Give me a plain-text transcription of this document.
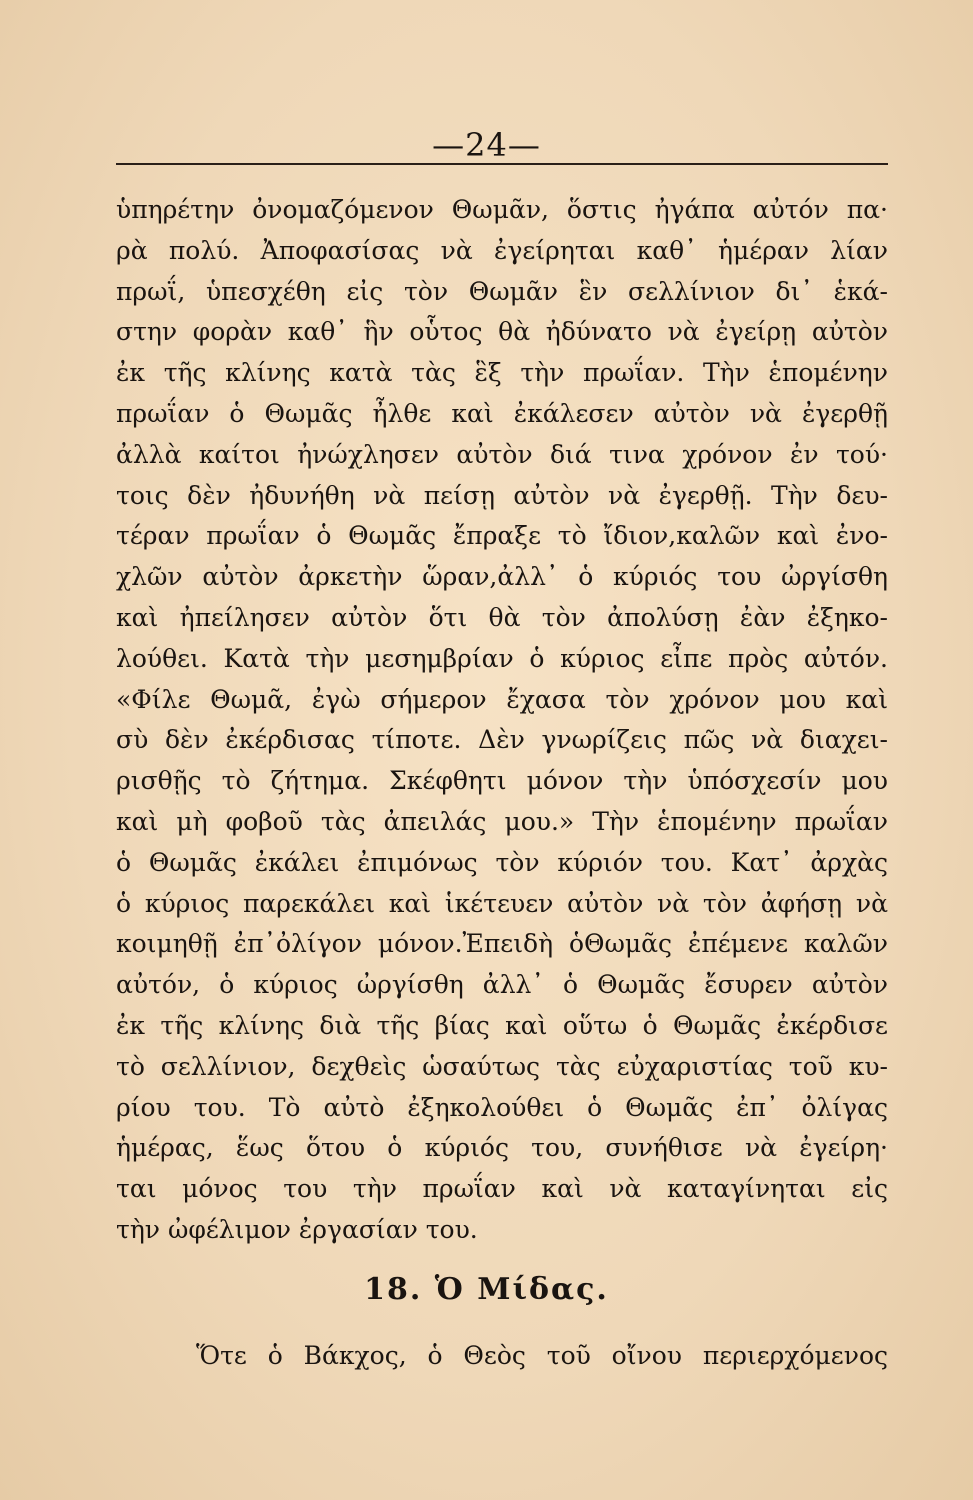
—24—
ὑπηρέτην ὀνομαζόμενον Θωμᾶν, ὅστις ἠγάπα αὐτόν πα·
ρὰ πολύ. Ἀποφασίσας νὰ ἐγείρηται καθ᾽ ἡμέραν λίαν
πρωΐ, ὑπεσχέθη εἰς τὸν Θωμᾶν ἓν σελλίνιον δι᾽ ἑκά-
στην φορὰν καθ᾽ ἣν οὗτος θὰ ἠδύνατο νὰ ἐγείρῃ αὐτὸν
ἐκ τῆς κλίνης κατὰ τὰς ἓξ τὴν πρωΐαν. Τὴν ἑπομένην
πρωΐαν ὁ Θωμᾶς ἦλθε καὶ ἐκάλεσεν αὐτὸν νὰ ἐγερθῇ
ἀλλὰ καίτοι ἠνώχλησεν αὐτὸν διά τινα χρόνον ἐν τού·
τοις δὲν ἠδυνήθη νὰ πείσῃ αὐτὸν νὰ ἐγερθῇ. Τὴν δευ-
τέραν πρωΐαν ὁ Θωμᾶς ἔπραξε τὸ ἴδιον,καλῶν καὶ ἐνο-
χλῶν αὐτὸν ἀρκετὴν ὥραν,ἀλλ᾽ ὁ κύριός του ὠργίσθη
καὶ ἠπείλησεν αὐτὸν ὅτι θὰ τὸν ἀπολύσῃ ἐὰν ἐξηκο-
λούθει. Κατὰ τὴν μεσημβρίαν ὁ κύριος εἶπε πρὸς αὐτόν.
«Φίλε Θωμᾶ, ἐγὼ σήμερον ἔχασα τὸν χρόνον μου καὶ
σὺ δὲν ἐκέρδισας τίποτε. Δὲν γνωρίζεις πῶς νὰ διαχει-
ρισθῇς τὸ ζήτημα. Σκέφθητι μόνον τὴν ὑπόσχεσίν μου
καὶ μὴ φοβοῦ τὰς ἀπειλάς μου.» Τὴν ἑπομένην πρωΐαν
ὁ Θωμᾶς ἐκάλει ἐπιμόνως τὸν κύριόν του. Κατ᾽ ἀρχὰς
ὁ κύριος παρεκάλει καὶ ἱκέτευεν αὐτὸν νὰ τὸν ἀφήσῃ νὰ
κοιμηθῇ ἐπ᾽ὀλίγον μόνον.Ἐπειδὴ ὁΘωμᾶς ἐπέμενε καλῶν
αὐτόν, ὁ κύριος ὠργίσθη ἀλλ᾽ ὁ Θωμᾶς ἔσυρεν αὐτὸν
ἐκ τῆς κλίνης διὰ τῆς βίας καὶ οὕτω ὁ Θωμᾶς ἐκέρδισε
τὸ σελλίνιον, δεχθεὶς ὡσαύτως τὰς εὐχαριστίας τοῦ κυ-
ρίου του. Τὸ αὐτὸ ἐξηκολούθει ὁ Θωμᾶς ἐπ᾽ ὀλίγας
ἡμέρας, ἕως ὅτου ὁ κύριός του, συνήθισε νὰ ἐγείρη·
ται μόνος του τὴν πρωΐαν καὶ νὰ καταγίνηται εἰς
τὴν ὠφέλιμον ἐργασίαν του.
18. Ὁ Μίδας.
Ὅτε ὁ Βάκχος, ὁ Θεὸς τοῦ οἴνου περιερχόμενος
